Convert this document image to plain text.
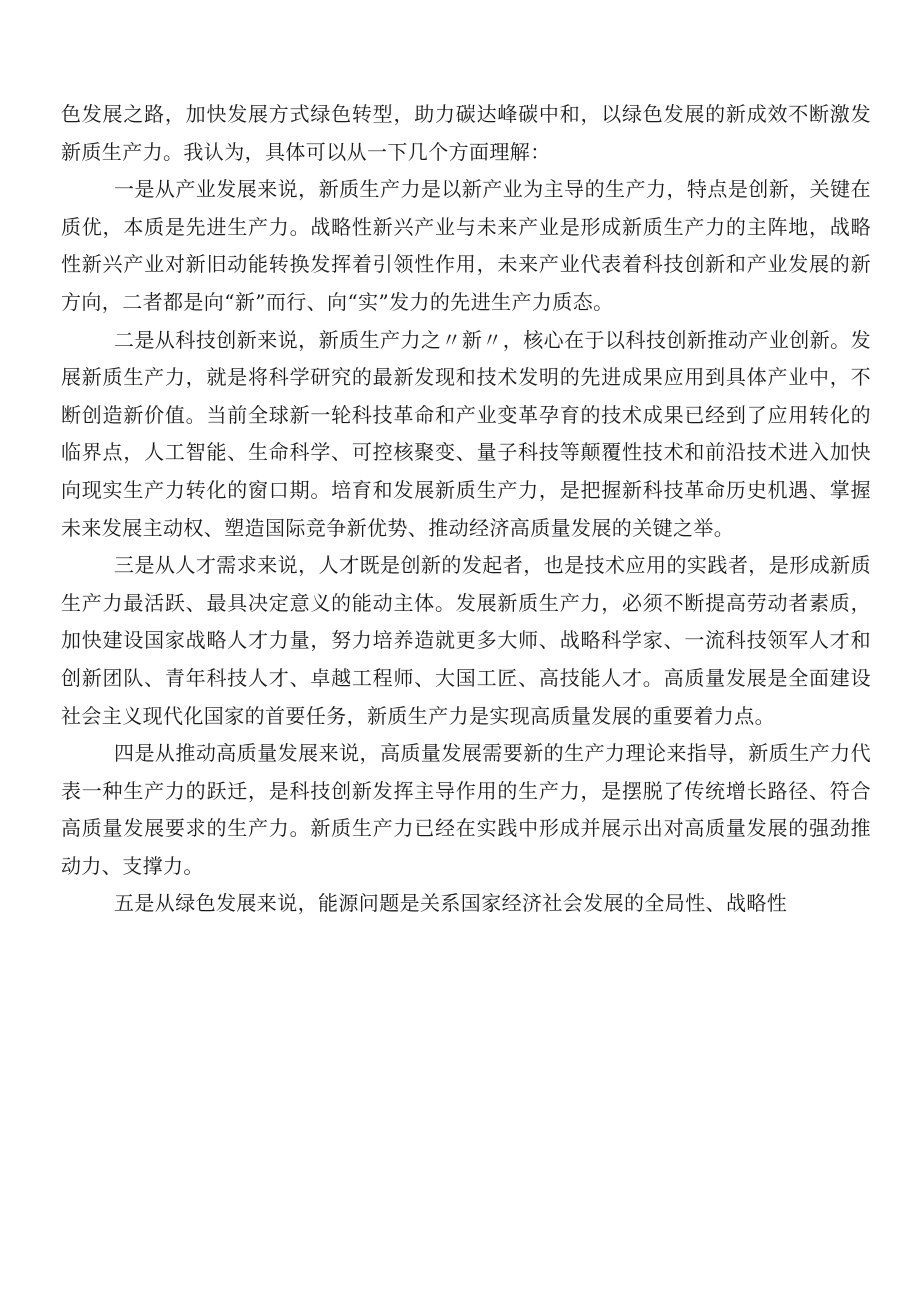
色发展之路，加快发展方式绿色转型，助力碳达峰碳中和，以绿色发展的新成效不断激发新质生产力。我认为，具体可以从一下几个方面理解：

一是从产业发展来说，新质生产力是以新产业为主导的生产力，特点是创新，关键在质优，本质是先进生产力。战略性新兴产业与未来产业是形成新质生产力的主阵地，战略性新兴产业对新旧动能转换发挥着引领性作用，未来产业代表着科技创新和产业发展的新方向，二者都是向“新”而行、向“实”发力的先进生产力质态。

二是从科技创新来说，新质生产力之〃新〃，核心在于以科技创新推动产业创新。发展新质生产力，就是将科学研究的最新发现和技术发明的先进成果应用到具体产业中，不断创造新价值。当前全球新一轮科技革命和产业变革孕育的技术成果已经到了应用转化的临界点，人工智能、生命科学、可控核聚变、量子科技等颠覆性技术和前沿技术进入加快向现实生产力转化的窗口期。培育和发展新质生产力，是把握新科技革命历史机遇、掌握未来发展主动权、塑造国际竞争新优势、推动经济高质量发展的关键之举。

三是从人才需求来说，人才既是创新的发起者，也是技术应用的实践者，是形成新质生产力最活跃、最具决定意义的能动主体。发展新质生产力，必须不断提高劳动者素质，加快建设国家战略人才力量，努力培养造就更多大师、战略科学家、一流科技领军人才和创新团队、青年科技人才、卓越工程师、大国工匠、高技能人才。高质量发展是全面建设社会主义现代化国家的首要任务，新质生产力是实现高质量发展的重要着力点。

四是从推动高质量发展来说，高质量发展需要新的生产力理论来指导，新质生产力代表一种生产力的跃迁，是科技创新发挥主导作用的生产力，是摆脱了传统增长路径、符合高质量发展要求的生产力。新质生产力已经在实践中形成并展示出对高质量发展的强劲推动力、支撑力。

五是从绿色发展来说，能源问题是关系国家经济社会发展的全局性、战略性
